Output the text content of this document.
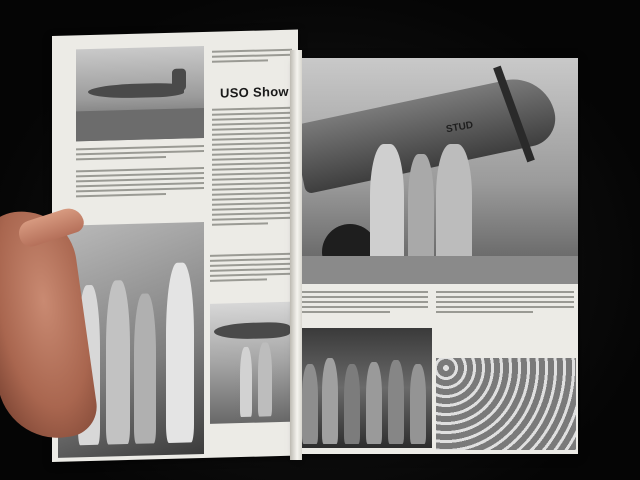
USO Show
STUD
